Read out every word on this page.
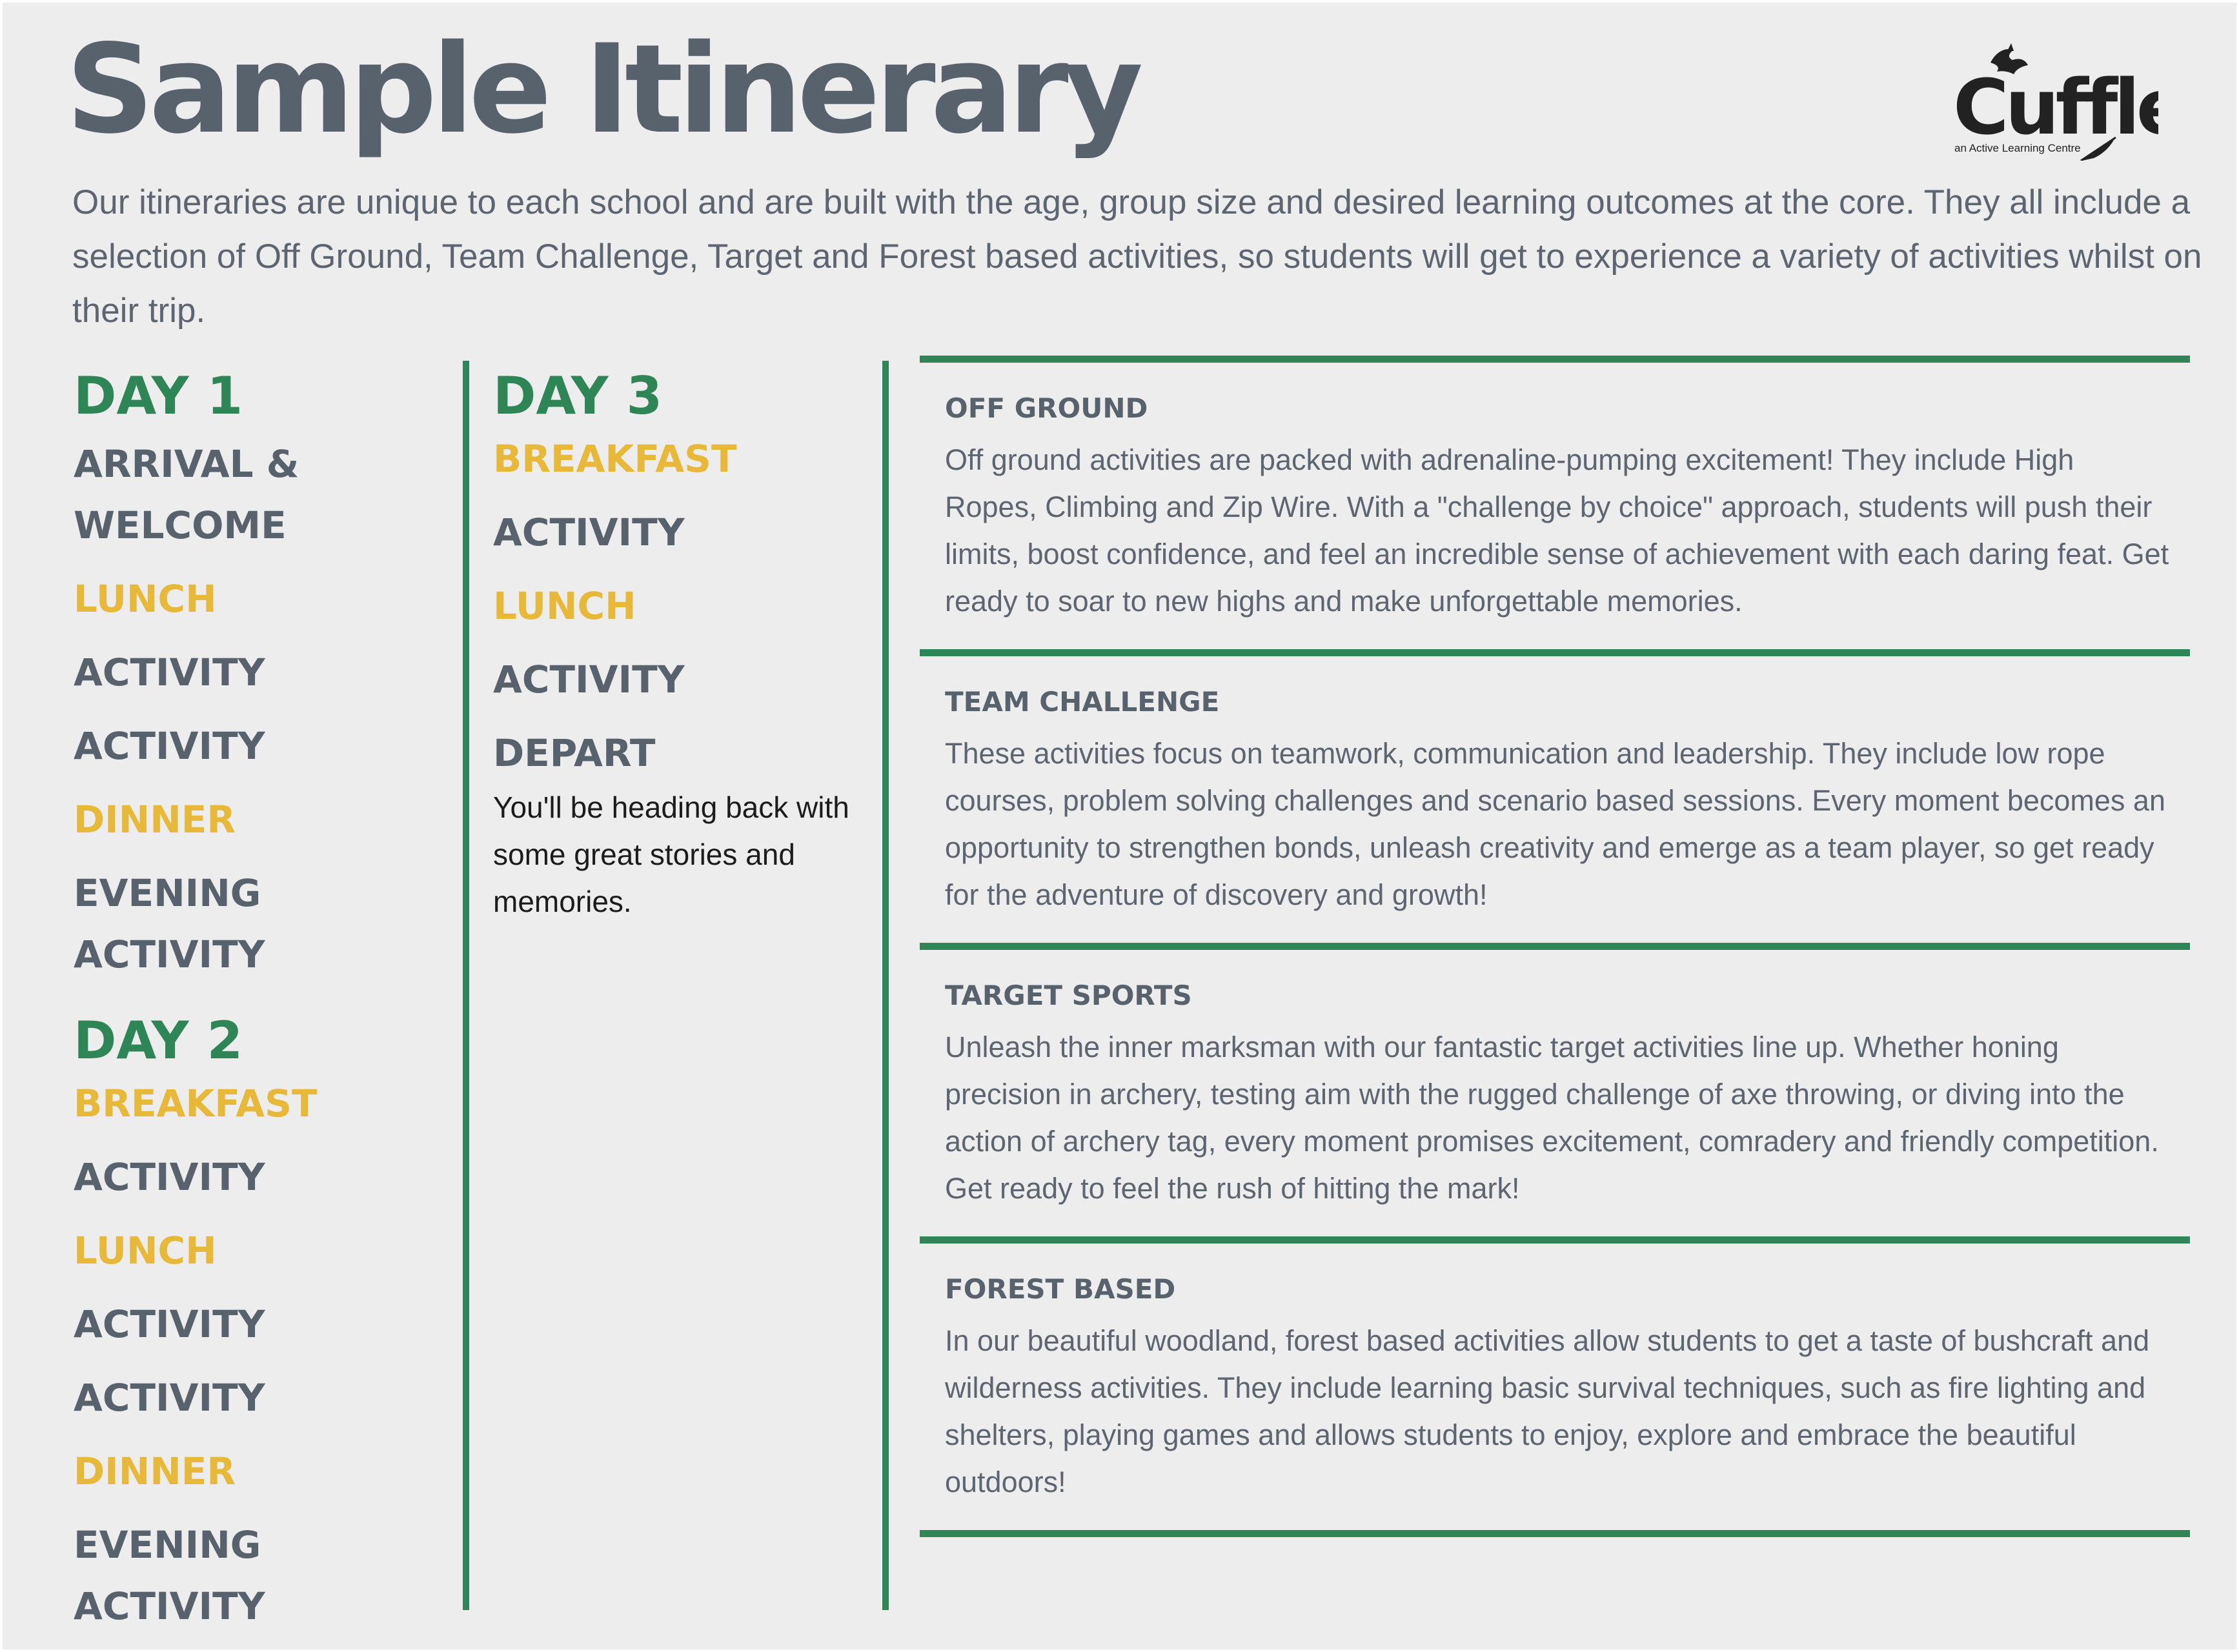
Sample Itinerary	Cuffl
an Active Learning Centre

Our itineraries are unique to each school and are built with the age, group size and desired learning outcomes at the core. They all include a selection of Off Ground, Team Challenge, Target and Forest based activities, so students will get to experience a variety of activities whilst on their trip.

DAY 1
ARRIVAL &
WELCOME
LUNCH
ACTIVITY
ACTIVITY
DINNER
EVENING ACTIVITY
DAY 2
BREAKFAST
ACTIVITY
LUNCH
ACTIVITY
ACTIVITY
DINNER
EVENING ACTIVITY
DAY 3
BREAKFAST
ACTIVITY
LUNCH
ACTIVITY
DEPART

You'll be heading back with some great stories and memories.

OFF GROUND

Off ground activities are packed with adrenaline-pumping excitement! They include High Ropes, Climbing and Zip Wire. With a "challenge by choice" approach, students will push their limits, boost confidence, and feel an incredible sense of achievement with each daring feat. Get ready to soar to new highs and make unforgettable memories.

TEAM CHALLENGE

These activities focus on teamwork, communication and leadership. They include low rope courses, problem solving challenges and scenario based sessions. Every moment becomes an opportunity to strengthen bonds, unleash creativity and emerge as a team player, so get ready for the adventure of discovery and growth!

TARGET SPORTS

Unleash the inner marksman with our fantastic target activities line up. Whether honing precision in archery, testing aim with the rugged challenge of axe throwing, or diving into the action of archery tag, every moment promises excitement, comradery and friendly competition. Get ready to feel the rush of hitting the mark!

FOREST BASED

In our beautiful woodland, forest based activities allow students to get a taste of bushcraft and wilderness activities. They include learning basic survival techniques, such as fire lighting and shelters, playing games and allows students to enjoy, explore and embrace the beautiful outdoors!
